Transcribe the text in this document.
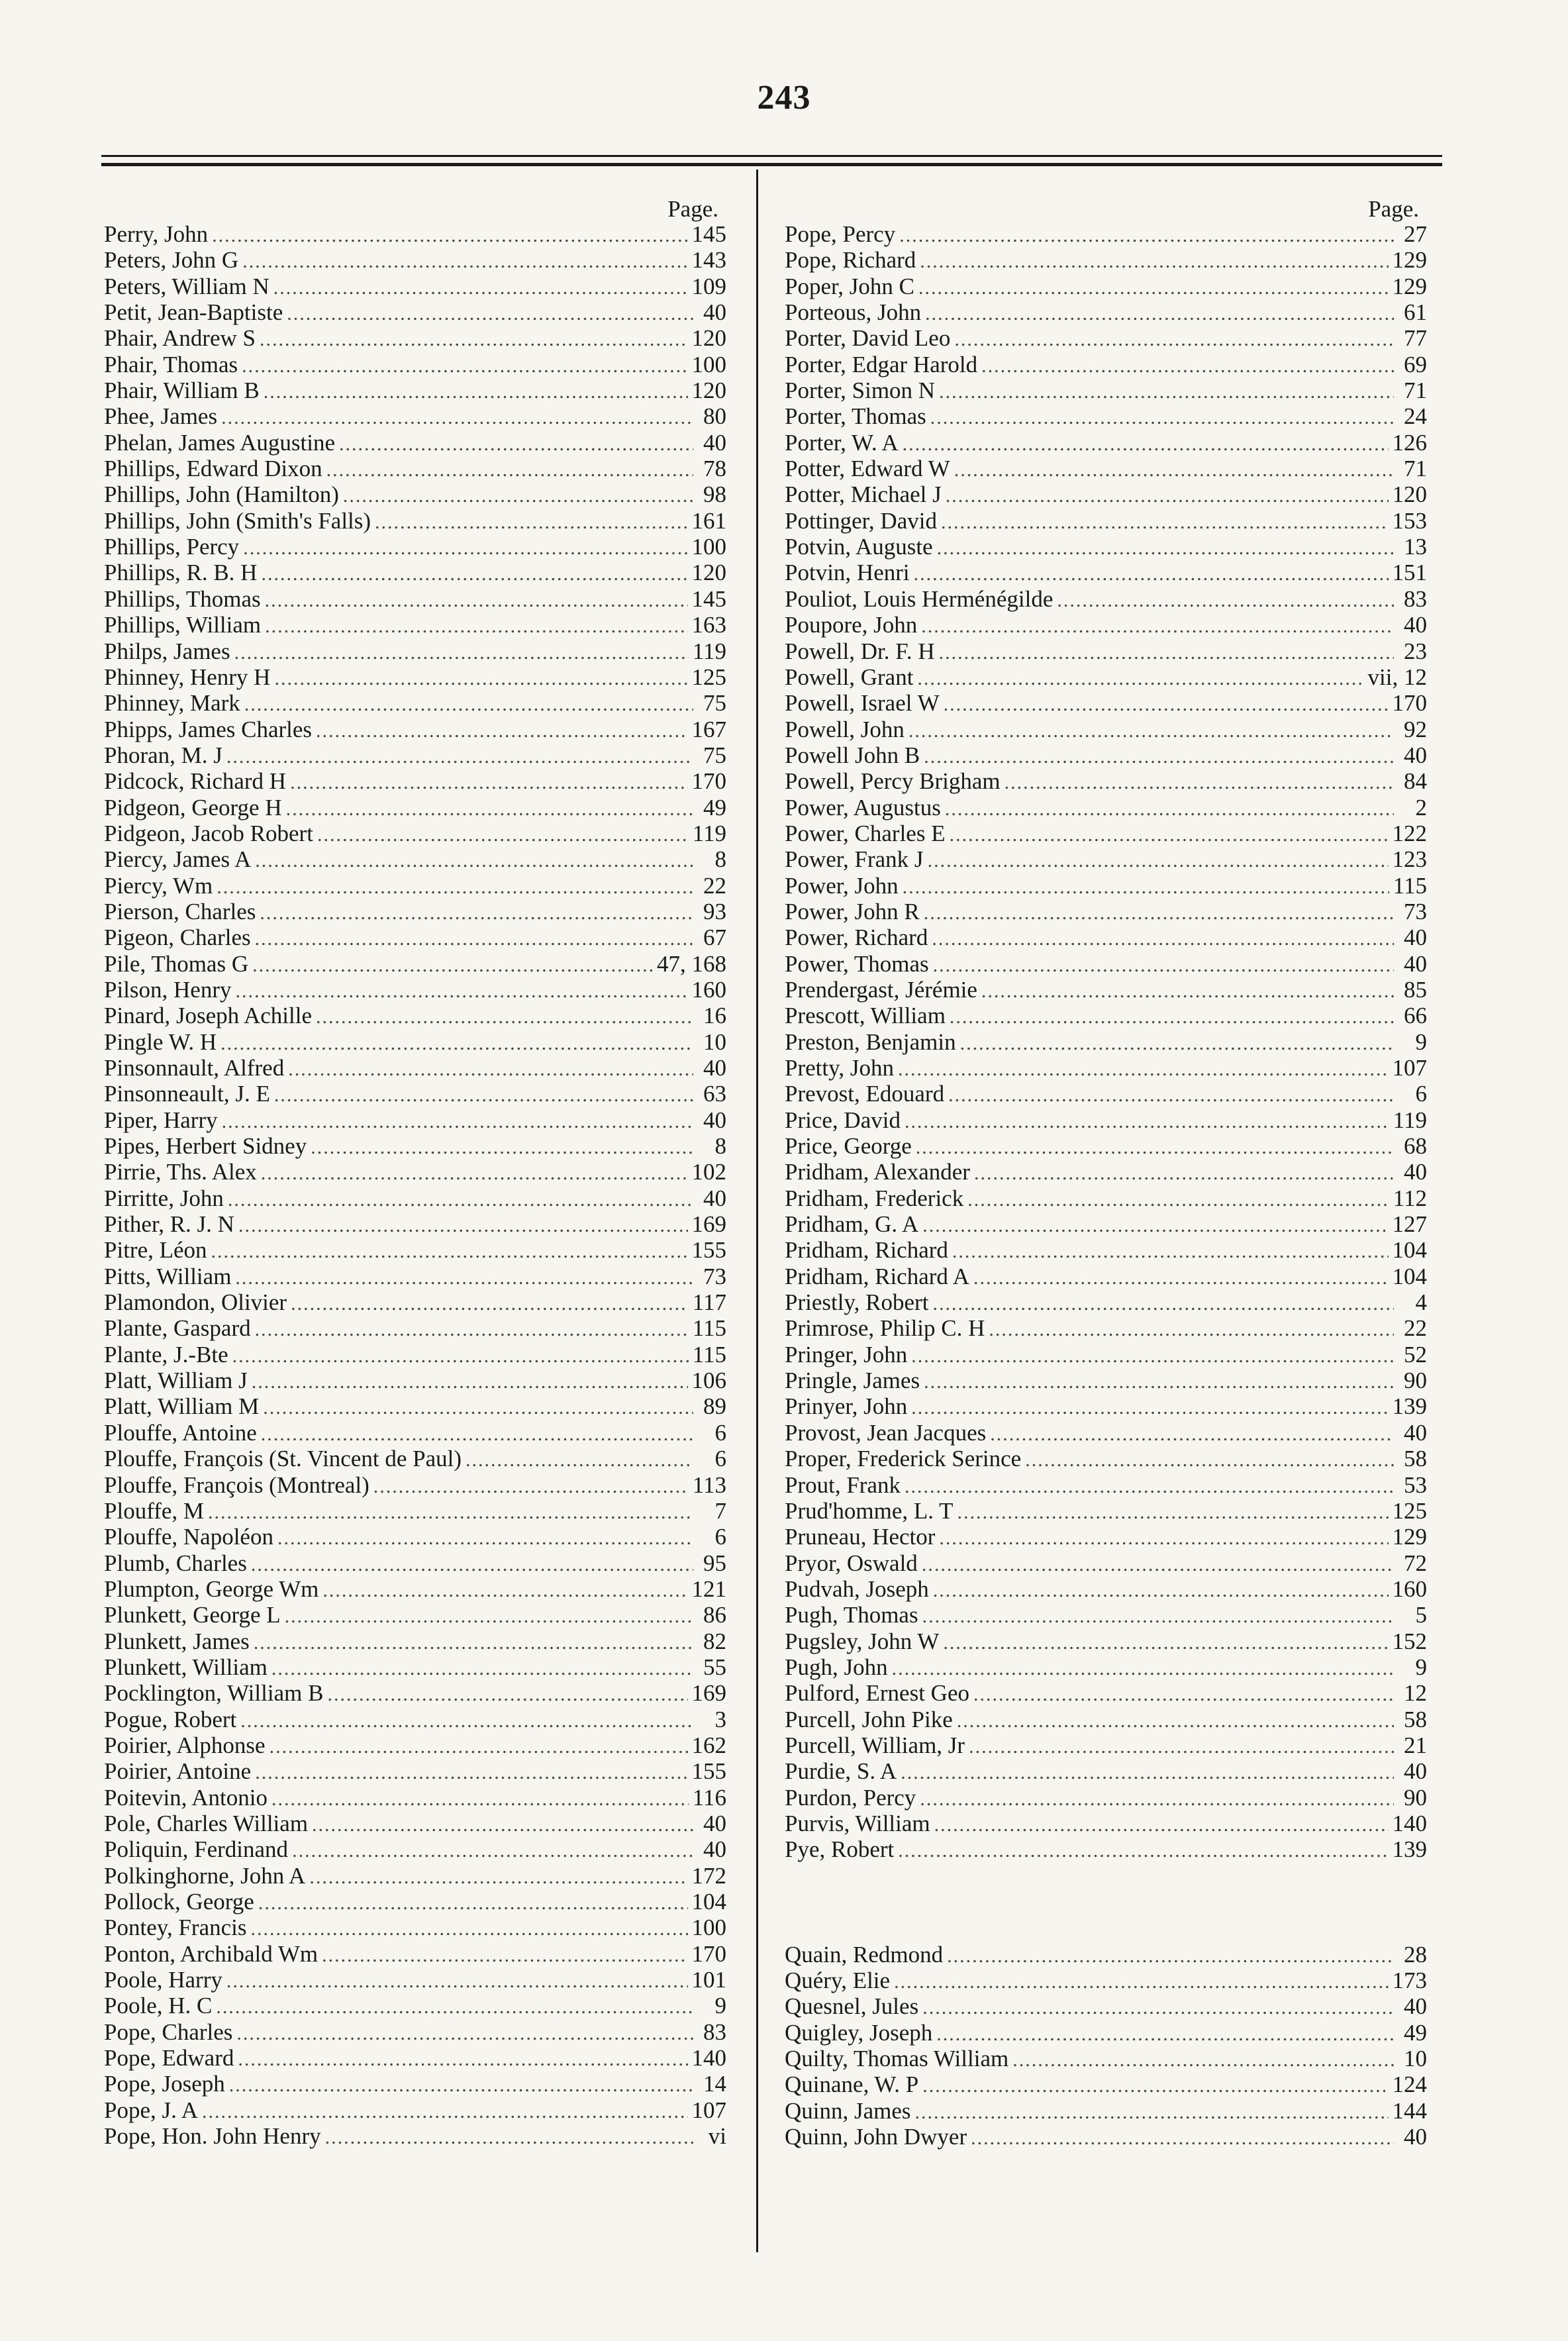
243
Page.
Perry, John .....	145
Peters, John G .....	143
Peters, William N .....	109
Petit, Jean-Baptiste .....	40
Phair, Andrew S .....	120
Phair, Thomas .....	100
Phair, William B .....	120
Phee, James .....	80
Phelan, James Augustine .....	40
Phillips, Edward Dixon .....	78
Phillips, John (Hamilton) .....	98
Phillips, John (Smith's Falls) .....	161
Phillips, Percy .....	100
Phillips, R. B. H .....	120
Phillips, Thomas .....	145
Phillips, William .....	163
Philps, James .....	119
Phinney, Henry H .....	125
Phinney, Mark .....	75
Phipps, James Charles .....	167
Phoran, M. J .....	75
Pidcock, Richard H .....	170
Pidgeon, George H .....	49
Pidgeon, Jacob Robert .....	119
Piercy, James A .....	8
Piercy, Wm .....	22
Pierson, Charles .....	93
Pigeon, Charles .....	67
Pile, Thomas G .....	47, 168
Pilson, Henry .....	160
Pinard, Joseph Achille .....	16
Pingle W. H .....	10
Pinsonnault, Alfred .....	40
Pinsonneault, J. E .....	63
Piper, Harry .....	40
Pipes, Herbert Sidney .....	8
Pirrie, Ths. Alex .....	102
Pirritte, John .....	40
Pither, R. J. N .....	169
Pitre, Léon .....	155
Pitts, William .....	73
Plamondon, Olivier .....	117
Plante, Gaspard .....	115
Plante, J.-Bte .....	115
Platt, William J .....	106
Platt, William M .....	89
Plouffe, Antoine .....	6
Plouffe, François (St. Vincent de Paul) .....	6
Plouffe, François (Montreal) .....	113
Plouffe, M .....	7
Plouffe, Napoléon .....	6
Plumb, Charles .....	95
Plumpton, George Wm .....	121
Plunkett, George L .....	86
Plunkett, James .....	82
Plunkett, William .....	55
Pocklington, William B .....	169
Pogue, Robert .....	3
Poirier, Alphonse .....	162
Poirier, Antoine .....	155
Poitevin, Antonio .....	116
Pole, Charles William .....	40
Poliquin, Ferdinand .....	40
Polkinghorne, John A .....	172
Pollock, George .....	104
Pontey, Francis .....	100
Ponton, Archibald Wm .....	170
Poole, Harry .....	101
Poole, H. C .....	9
Pope, Charles .....	83
Pope, Edward .....	140
Pope, Joseph .....	14
Pope, J. A .....	107
Pope, Hon. John Henry .....	vi
Page.
Pope, Percy .....	27
Pope, Richard .....	129
Poper, John C .....	129
Porteous, John .....	61
Porter, David Leo .....	77
Porter, Edgar Harold .....	69
Porter, Simon N .....	71
Porter, Thomas .....	24
Porter, W. A .....	126
Potter, Edward W .....	71
Potter, Michael J .....	120
Pottinger, David .....	153
Potvin, Auguste .....	13
Potvin, Henri .....	151
Pouliot, Louis Herménégilde .....	83
Poupore, John .....	40
Powell, Dr. F. H .....	23
Powell, Grant .....	vii, 12
Powell, Israel W .....	170
Powell, John .....	92
Powell John B .....	40
Powell, Percy Brigham .....	84
Power, Augustus .....	2
Power, Charles E .....	122
Power, Frank J .....	123
Power, John .....	115
Power, John R .....	73
Power, Richard .....	40
Power, Thomas .....	40
Prendergast, Jérémie .....	85
Prescott, William .....	66
Preston, Benjamin .....	9
Pretty, John .....	107
Prevost, Edouard .....	6
Price, David .....	119
Price, George .....	68
Pridham, Alexander .....	40
Pridham, Frederick .....	112
Pridham, G. A .....	127
Pridham, Richard .....	104
Pridham, Richard A .....	104
Priestly, Robert .....	4
Primrose, Philip C. H .....	22
Pringer, John .....	52
Pringle, James .....	90
Prinyer, John .....	139
Provost, Jean Jacques .....	40
Proper, Frederick Serince .....	58
Prout, Frank .....	53
Prud'homme, L. T .....	125
Pruneau, Hector .....	129
Pryor, Oswald .....	72
Pudvah, Joseph .....	160
Pugh, Thomas .....	5
Pugsley, John W .....	152
Pugh, John .....	9
Pulford, Ernest Geo .....	12
Purcell, John Pike .....	58
Purcell, William, Jr .....	21
Purdie, S. A .....	40
Purdon, Percy .....	90
Purvis, William .....	140
Pye, Robert .....	139
Quain, Redmond .....	28
Quéry, Elie .....	173
Quesnel, Jules .....	40
Quigley, Joseph .....	49
Quilty, Thomas William .....	10
Quinane, W. P .....	124
Quinn, James .....	144
Quinn, John Dwyer .....	40
